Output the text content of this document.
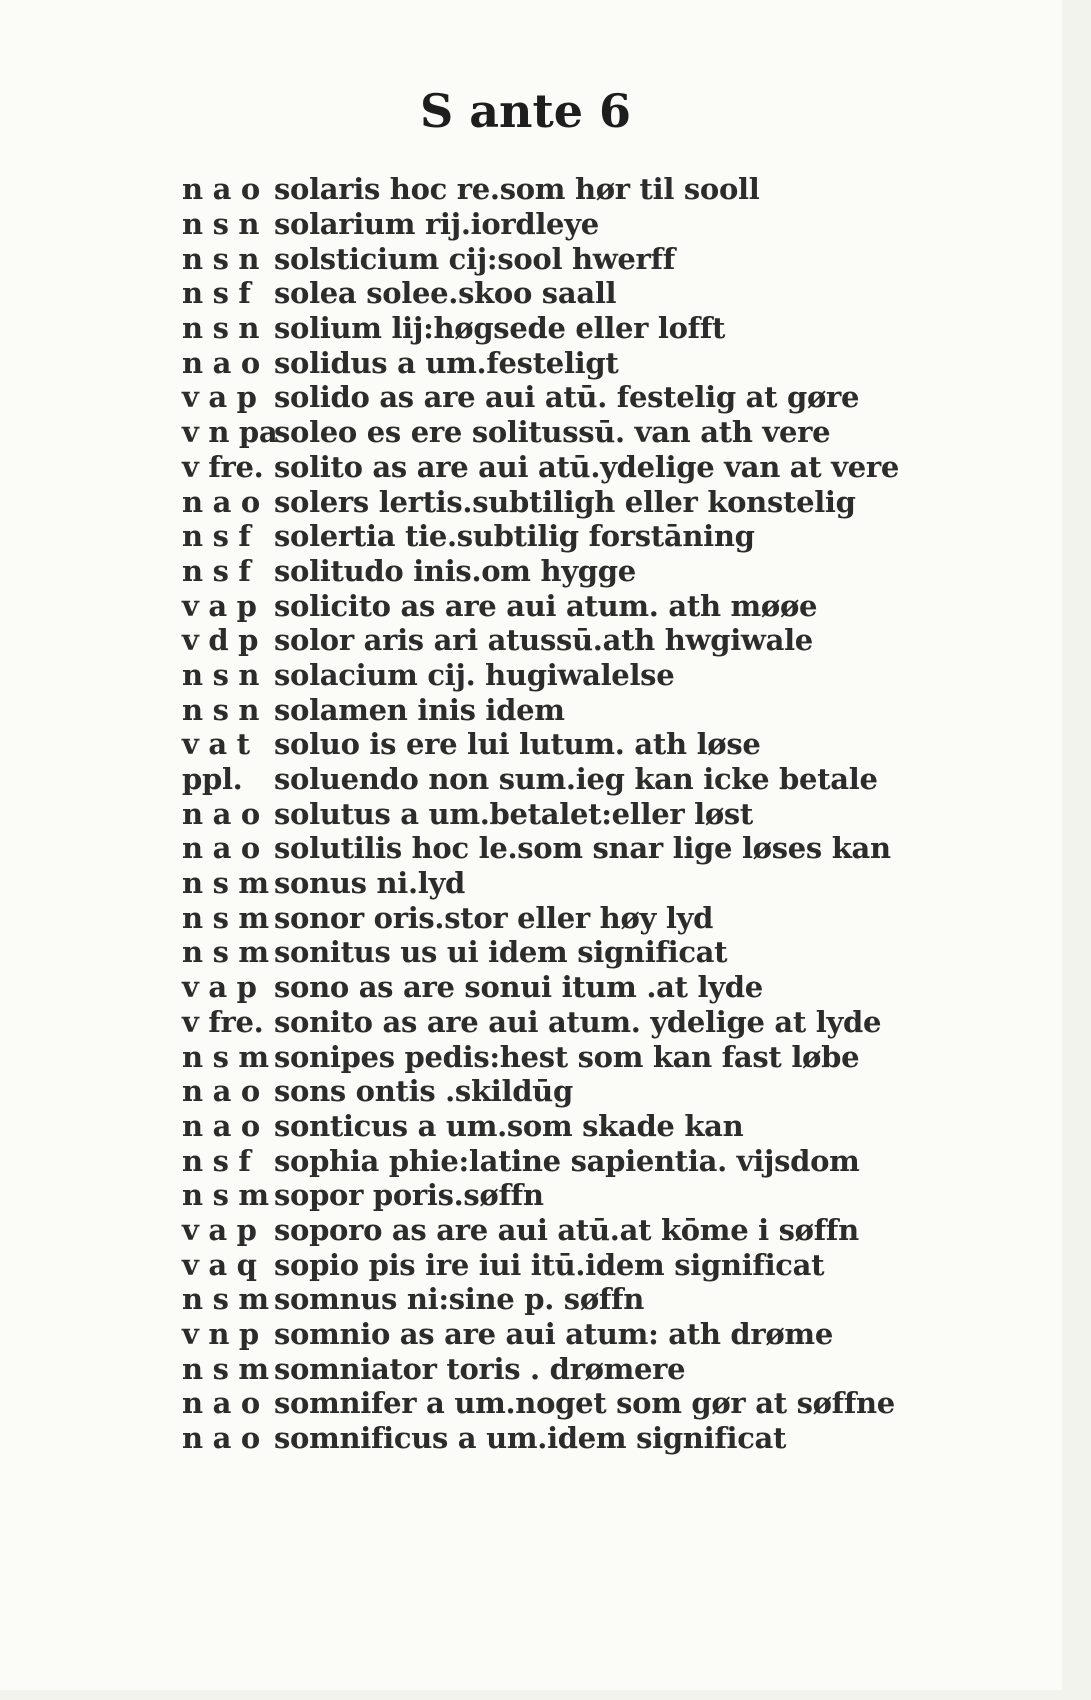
S ante 6
n a o solaris hoc re.som hør til sooll
n s n solarium rij.iordleye
n s n solsticium cij:sool hwerff
n s f solea solee.skoo saall
n s n solium lij:høgsede eller lofft
n a o solidus a um.festeligt
v a p solido as are aui atū. festelig at gøre
v n pa
soleo es ere solitussū. van ath vere
v fre. solito as are aui atū.ydelige van at vere
n a o solers lertis.subtiligh eller konstelig
n s f solertia tie.subtilig forstāning
n s f solitudo inis.om hygge
v a p solicito as are aui atum. ath møøe
v d p solor aris ari atussū.ath hwgiwale
n s n solacium cij. hugiwalelse
n s n solamen inis idem
v a t soluo is ere lui lutum. ath løse
ppl.	soluendo non sum.ieg kan icke betale
n a o solutus a um.betalet:eller løst
n a o solutilis hoc le.som snar lige løses kan
n s m sonus ni.lyd
n s m sonor oris.stor eller høy lyd
n s m sonitus us ui idem significat
v a p sono as are sonui itum .at lyde
v fre. sonito as are aui atum. ydelige at lyde
n s m sonipes pedis:hest som kan fast løbe
n a o sons ontis .skildūg
n a o sonticus a um.som skade kan
n s f sophia phie:latine sapientia. vijsdom
n s m sopor poris.søffn
v a p soporo as are aui atū.at kōme i søffn
v a q sopio pis ire iui itū.idem significat
n s m somnus ni:sine p. søffn
v n p somnio as are aui atum: ath drøme
n s m somniator toris . drømere
n a o somnifer a um.noget som gør at søffne
n a o somnificus a um.idem significat
